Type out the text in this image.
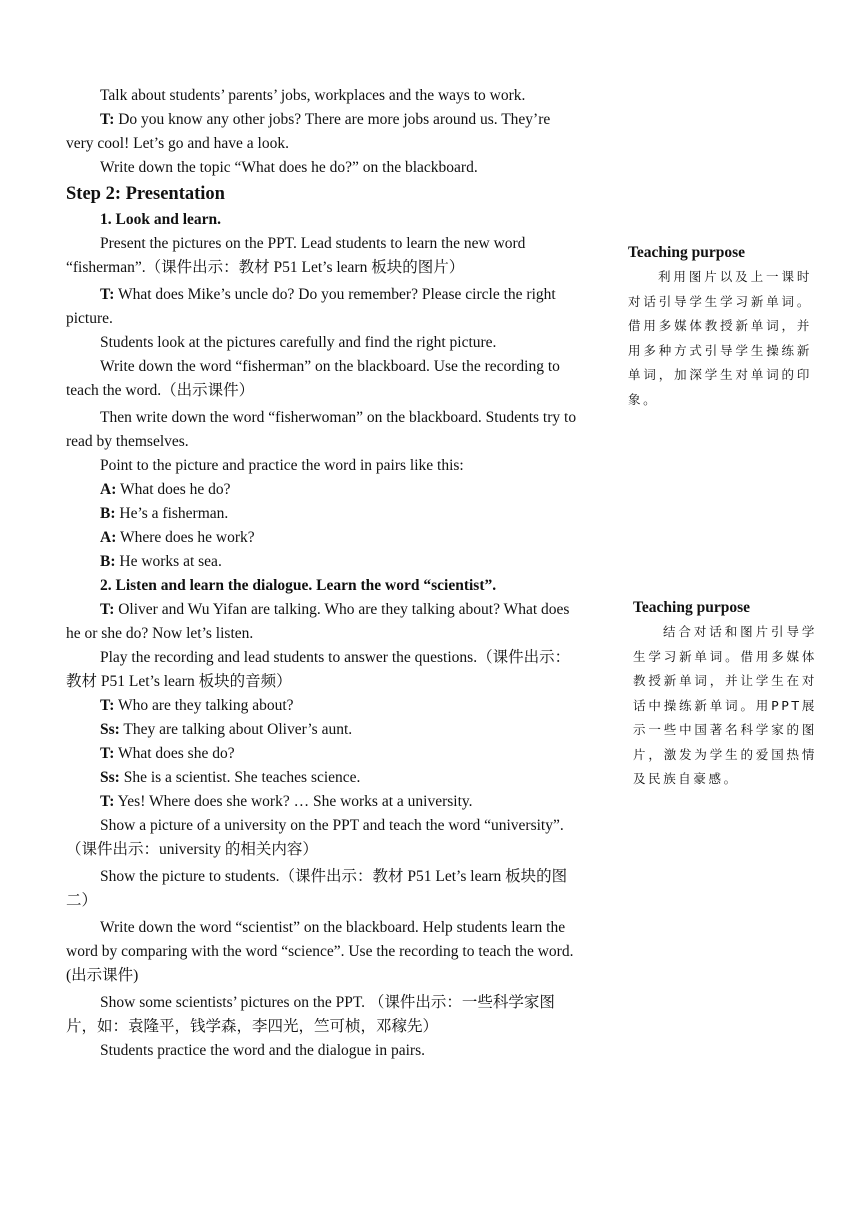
Talk about students’ parents’ jobs, workplaces and the ways to work.

T: Do you know any other jobs? There are more jobs around us. They’re very cool! Let’s go and have a look.

Write down the topic “What does he do?” on the blackboard.

Step 2: Presentation

1. Look and learn.

Present the pictures on the PPT. Lead students to learn the new word “fisherman”.（课件出示：教材 P51 Let’s learn 板块的图片）

T: What does Mike’s uncle do? Do you remember? Please circle the right picture.

Students look at the pictures carefully and find the right picture.

Write down the word “fisherman” on the blackboard. Use the recording to teach the word.（出示课件）

Then write down the word “fisherwoman” on the blackboard. Students try to read by themselves.

Point to the picture and practice the word in pairs like this:

A: What does he do?

B: He’s a fisherman.

A: Where does he work?

B: He works at sea.

2. Listen and learn the dialogue. Learn the word “scientist”.

T: Oliver and Wu Yifan are talking. Who are they talking about? What does he or she do? Now let’s listen.

Play the recording and lead students to answer the questions.（课件出示：教材 P51 Let’s learn 板块的音频）

T: Who are they talking about?

Ss: They are talking about Oliver’s aunt.

T: What does she do?

Ss: She is a scientist. She teaches science.

T: Yes! Where does she work? … She works at a university.

Show a picture of a university on the PPT and teach the word “university”.（课件出示：university 的相关内容）

Show the picture to students.（课件出示：教材 P51 Let’s learn 板块的图二）

Write down the word “scientist” on the blackboard. Help students learn the word by comparing with the word “science”. Use the recording to teach the word. (出示课件)

Show some scientists’ pictures on the PPT. （课件出示：一些科学家图片，如：袁隆平，钱学森，李四光，竺可桢，邓稼先）

Students practice the word and the dialogue in pairs.

Teaching purpose

利用图片以及上一课时对话引导学生学习新单词。借用多媒体教授新单词，并用多种方式引导学生操练新单词，加深学生对单词的印象。

Teaching purpose

结合对话和图片引导学生学习新单词。借用多媒体教授新单词，并让学生在对话中操练新单词。用PPT展示一些中国著名科学家的图片，激发为学生的爱国热情及民族自豪感。
